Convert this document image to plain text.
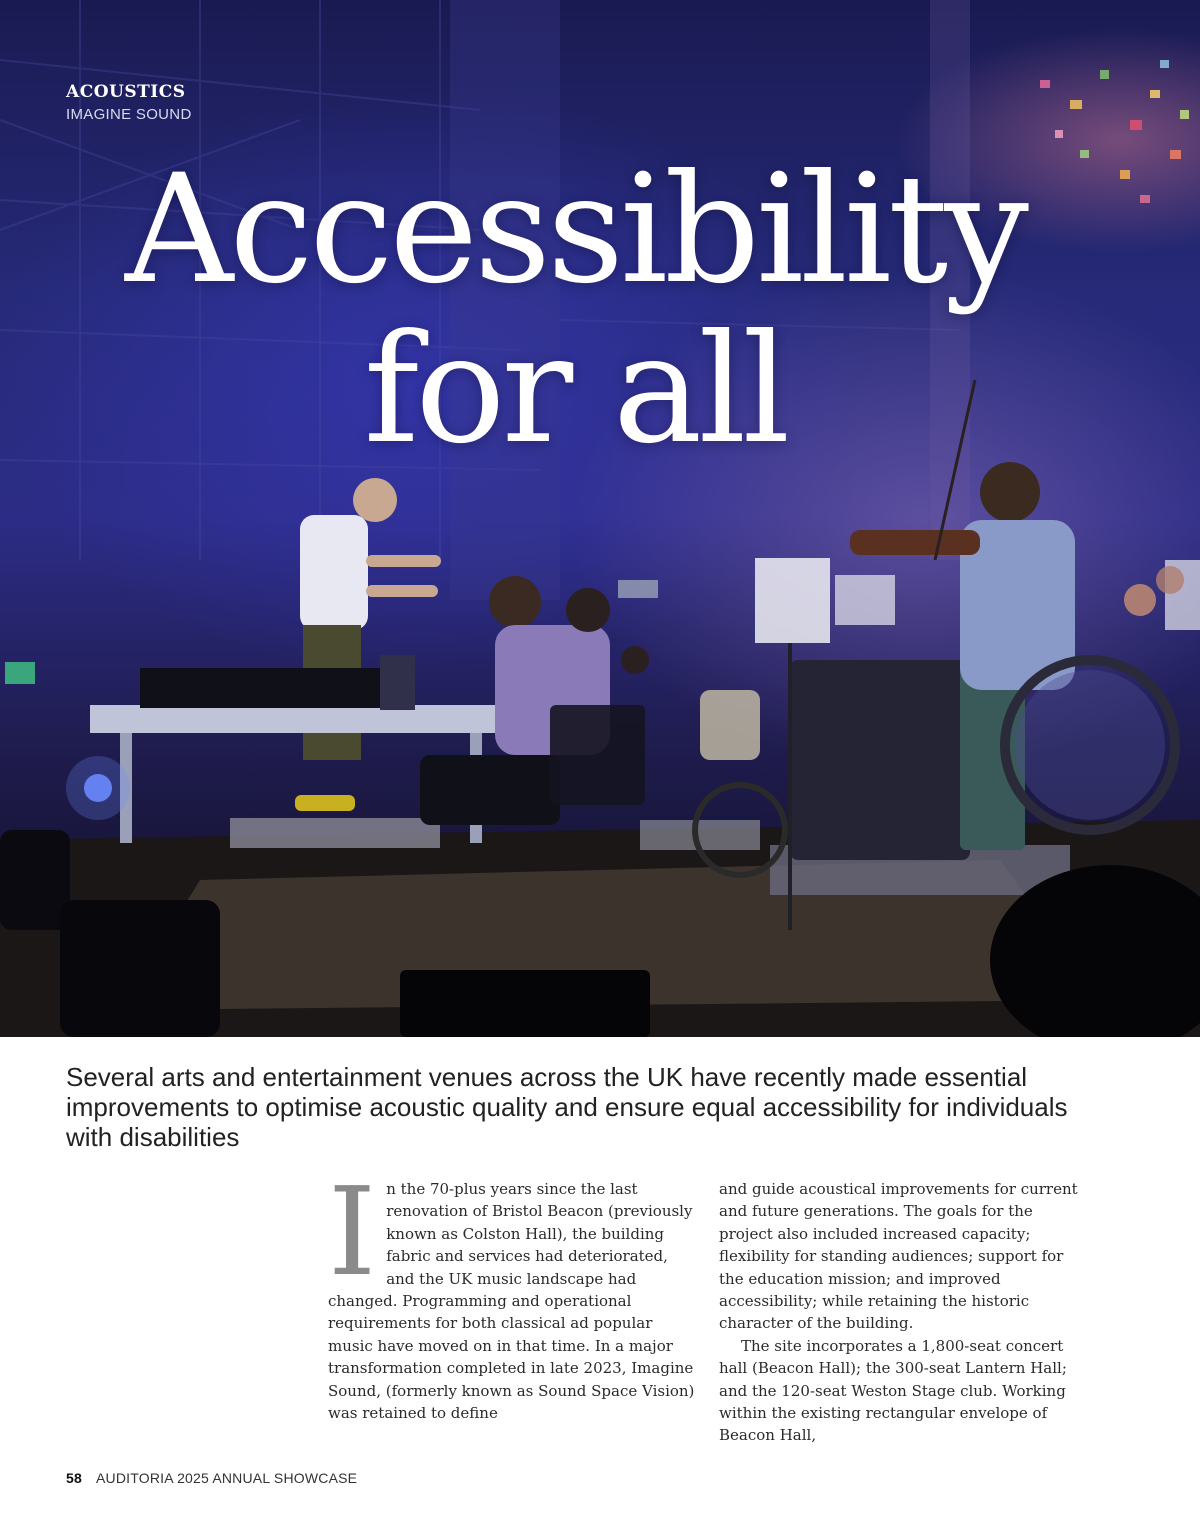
ACOUSTICS

IMAGINE SOUND

Accessibility
for all
Several arts and entertainment venues across the UK have recently made essential improvements to optimise acoustic quality and ensure equal accessibility for individuals with disabilities

In the 70-plus years since the last renovation of Bristol Beacon (previously known as Colston Hall), the building fabric and services had deteriorated, and the UK music landscape had changed. Programming and operational requirements for both classical ad popular music have moved on in that time. In a major transformation completed in late 2023, Imagine Sound, (formerly known as Sound Space Vision) was retained to define

and guide acoustical improvements for current and future generations. The goals for the project also included increased capacity; flexibility for standing audiences; support for the education mission; and improved accessibility; while retaining the historic character of the building.

The site incorporates a 1,800-seat concert hall (Beacon Hall); the 300-seat Lantern Hall; and the 120-seat Weston Stage club. Working within the existing rectangular envelope of Beacon Hall,

58 AUDITORIA 2025 ANNUAL SHOWCASE
